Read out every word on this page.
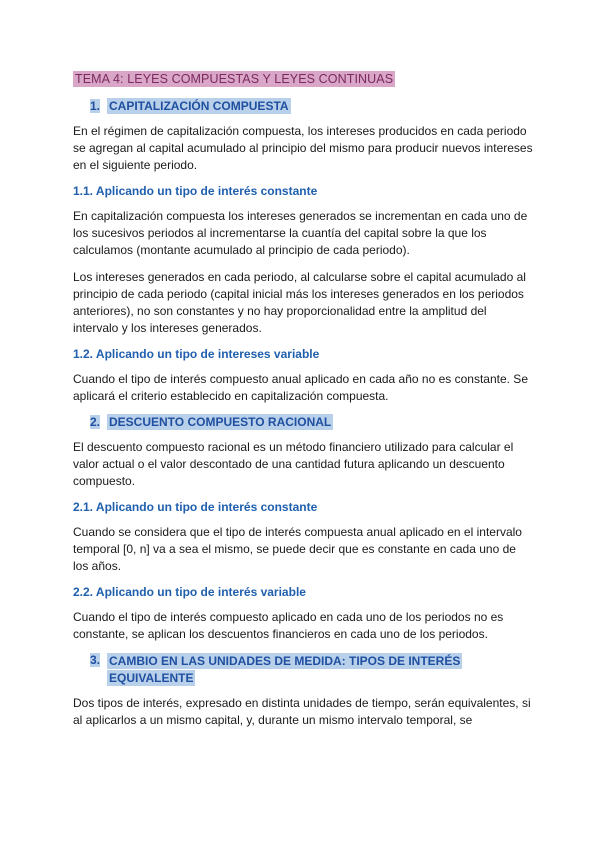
TEMA 4: LEYES COMPUESTAS Y LEYES CONTINUAS
1. CAPITALIZACIÓN COMPUESTA

En el régimen de capitalización compuesta, los intereses producidos en cada periodo se agregan al capital acumulado al principio del mismo para producir nuevos intereses en el siguiente periodo.

1.1. Aplicando un tipo de interés constante

En capitalización compuesta los intereses generados se incrementan en cada uno de los sucesivos periodos al incrementarse la cuantía del capital sobre la que los calculamos (montante acumulado al principio de cada periodo).

Los intereses generados en cada periodo, al calcularse sobre el capital acumulado al principio de cada periodo (capital inicial más los intereses generados en los periodos anteriores), no son constantes y no hay proporcionalidad entre la amplitud del intervalo y los intereses generados.

1.2. Aplicando un tipo de intereses variable

Cuando el tipo de interés compuesto anual aplicado en cada año no es constante. Se aplicará el criterio establecido en capitalización compuesta.

2. DESCUENTO COMPUESTO RACIONAL

El descuento compuesto racional es un método financiero utilizado para calcular el valor actual o el valor descontado de una cantidad futura aplicando un descuento compuesto.

2.1. Aplicando un tipo de interés constante

Cuando se considera que el tipo de interés compuesta anual aplicado en el intervalo temporal [0, n] va a sea el mismo, se puede decir que es constante en cada uno de los años.

2.2. Aplicando un tipo de interés variable

Cuando el tipo de interés compuesto aplicado en cada uno de los periodos no es constante, se aplican los descuentos financieros en cada uno de los periodos.

3. CAMBIO EN LAS UNIDADES DE MEDIDA: TIPOS DE INTERÉS
EQUIVALENTE

Dos tipos de interés, expresado en distinta unidades de tiempo, serán equivalentes, si al aplicarlos a un mismo capital, y, durante un mismo intervalo temporal, se
